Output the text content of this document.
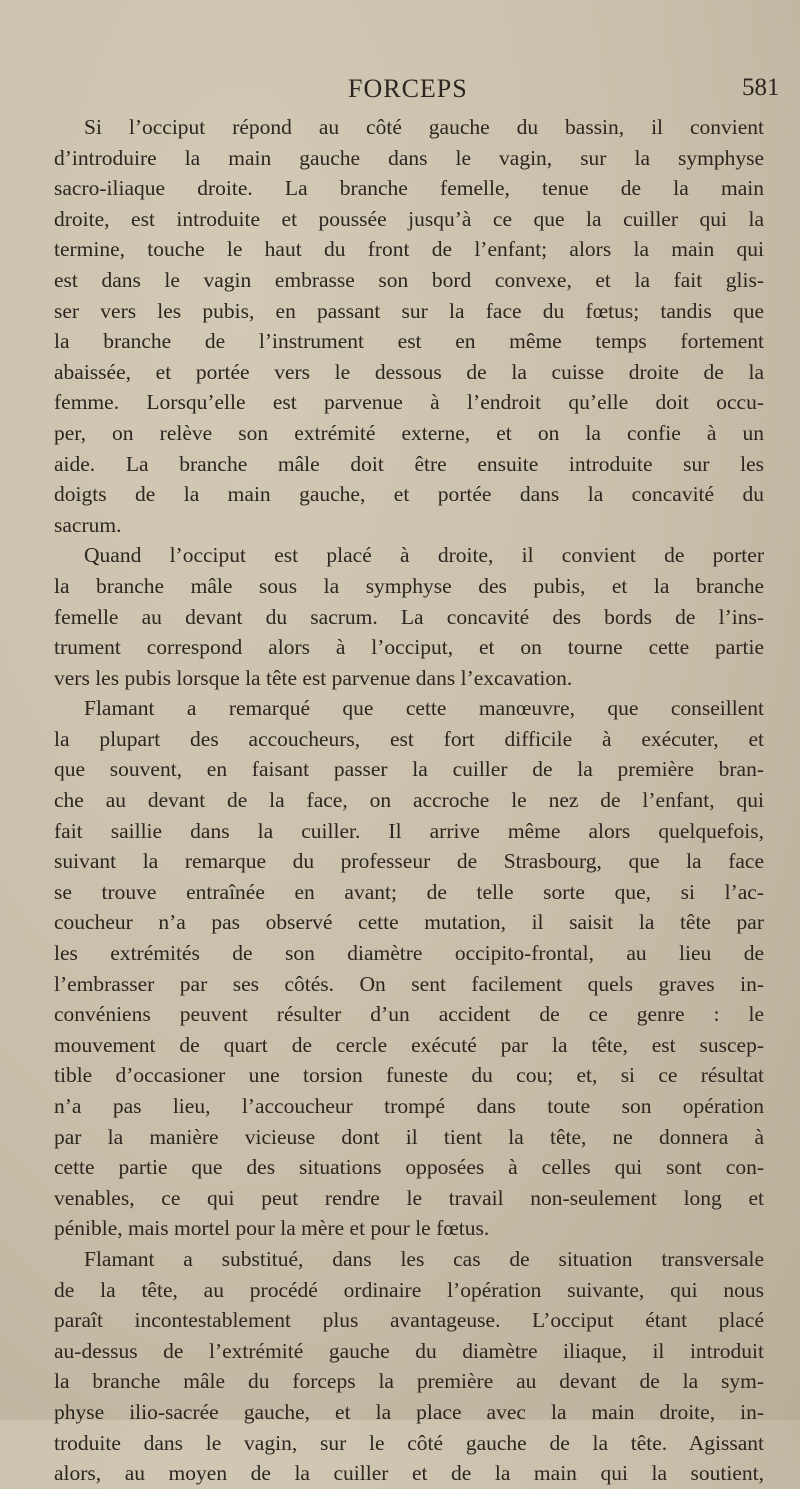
FORCEPS	581
Si l’occiput répond au côté gauche du bassin, il convient
d’introduire la main gauche dans le vagin, sur la symphyse
sacro-iliaque droite. La branche femelle, tenue de la main
droite, est introduite et poussée jusqu’à ce que la cuiller qui la
termine, touche le haut du front de l’enfant; alors la main qui
est dans le vagin embrasse son bord convexe, et la fait glis-
ser vers les pubis, en passant sur la face du fœtus; tandis que
la branche de l’instrument est en même temps fortement
abaissée, et portée vers le dessous de la cuisse droite de la
femme. Lorsqu’elle est parvenue à l’endroit qu’elle doit occu-
per, on relève son extrémité externe, et on la confie à un
aide. La branche mâle doit être ensuite introduite sur les
doigts de la main gauche, et portée dans la concavité du
sacrum.
Quand l’occiput est placé à droite, il convient de porter
la branche mâle sous la symphyse des pubis, et la branche
femelle au devant du sacrum. La concavité des bords de l’ins-
trument correspond alors à l’occiput, et on tourne cette partie
vers les pubis lorsque la tête est parvenue dans l’excavation.
Flamant a remarqué que cette manœuvre, que conseillent
la plupart des accoucheurs, est fort difficile à exécuter, et
que souvent, en faisant passer la cuiller de la première bran-
che au devant de la face, on accroche le nez de l’enfant, qui
fait saillie dans la cuiller. Il arrive même alors quelquefois,
suivant la remarque du professeur de Strasbourg, que la face
se trouve entraînée en avant; de telle sorte que, si l’ac-
coucheur n’a pas observé cette mutation, il saisit la tête par
les extrémités de son diamètre occipito-frontal, au lieu de
l’embrasser par ses côtés. On sent facilement quels graves in-
convéniens peuvent résulter d’un accident de ce genre : le
mouvement de quart de cercle exécuté par la tête, est suscep-
tible d’occasioner une torsion funeste du cou; et, si ce résultat
n’a pas lieu, l’accoucheur trompé dans toute son opération
par la manière vicieuse dont il tient la tête, ne donnera à
cette partie que des situations opposées à celles qui sont con-
venables, ce qui peut rendre le travail non-seulement long et
pénible, mais mortel pour la mère et pour le fœtus.
Flamant a substitué, dans les cas de situation transversale
de la tête, au procédé ordinaire l’opération suivante, qui nous
paraît incontestablement plus avantageuse. L’occiput étant placé
au-dessus de l’extrémité gauche du diamètre iliaque, il introduit
la branche mâle du forceps la première au devant de la sym-
physe ilio-sacrée gauche, et la place avec la main droite, in-
troduite dans le vagin, sur le côté gauche de la tête. Agissant
alors, au moyen de la cuiller et de la main qui la soutient,
